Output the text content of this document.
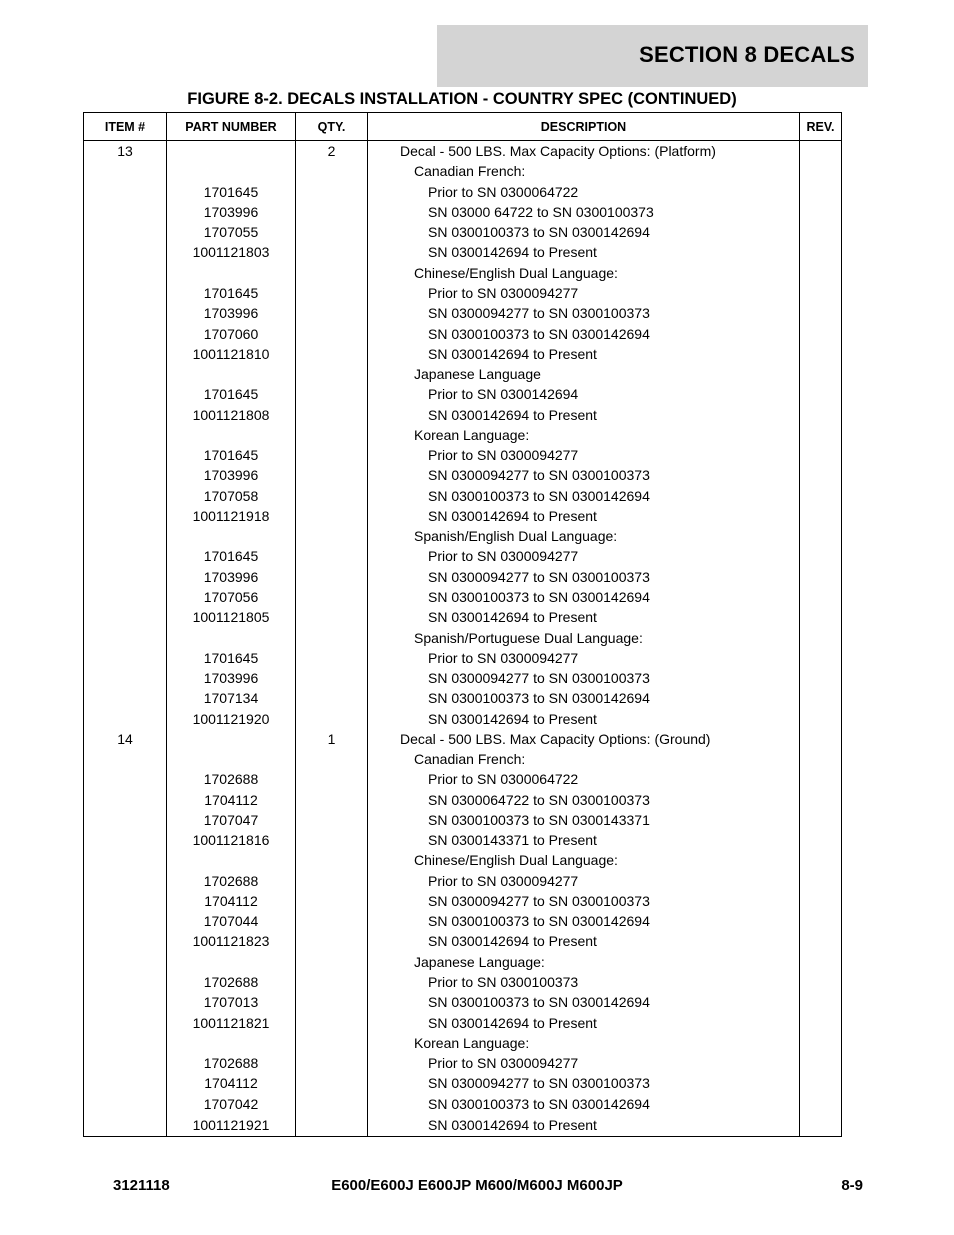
SECTION 8 DECALS
FIGURE 8-2. DECALS INSTALLATION - COUNTRY SPEC (CONTINUED)
ITEM #	PART NUMBER	QTY.	DESCRIPTION	REV.
13		2	Decal - 500 LBS. Max Capacity Options: (Platform)	
			Canadian French:	
	1701645		Prior to SN 0300064722	
	1703996		SN 03000 64722 to SN 0300100373	
	1707055		SN 0300100373 to SN 0300142694	
	1001121803		SN 0300142694 to Present	
			Chinese/English Dual Language:	
	1701645		Prior to SN 0300094277	
	1703996		SN 0300094277 to SN 0300100373	
	1707060		SN 0300100373 to SN 0300142694	
	1001121810		SN 0300142694 to Present	
			Japanese Language	
	1701645		Prior to SN 0300142694	
	1001121808		SN 0300142694 to Present	
			Korean Language:	
	1701645		Prior to SN 0300094277	
	1703996		SN 0300094277 to SN 0300100373	
	1707058		SN 0300100373 to SN 0300142694	
	1001121918		SN 0300142694 to Present	
			Spanish/English Dual Language:	
	1701645		Prior to SN 0300094277	
	1703996		SN 0300094277 to SN 0300100373	
	1707056		SN 0300100373 to SN 0300142694	
	1001121805		SN 0300142694 to Present	
			Spanish/Portuguese Dual Language:	
	1701645		Prior to SN 0300094277	
	1703996		SN 0300094277 to SN 0300100373	
	1707134		SN 0300100373 to SN 0300142694	
	1001121920		SN 0300142694 to Present	
14		1	Decal - 500 LBS. Max Capacity Options: (Ground)	
			Canadian French:	
	1702688		Prior to SN 0300064722	
	1704112		SN 0300064722 to SN 0300100373	
	1707047		SN 0300100373 to SN 0300143371	
	1001121816		SN 0300143371 to Present	
			Chinese/English Dual Language:	
	1702688		Prior to SN 0300094277	
	1704112		SN 0300094277 to SN 0300100373	
	1707044		SN 0300100373 to SN 0300142694	
	1001121823		SN 0300142694 to Present	
			Japanese Language:	
	1702688		Prior to SN 0300100373	
	1707013		SN 0300100373 to SN 0300142694	
	1001121821		SN 0300142694 to Present	
			Korean Language:	
	1702688		Prior to SN 0300094277	
	1704112		SN 0300094277 to SN 0300100373	
	1707042		SN 0300100373 to SN 0300142694	
	1001121921		SN 0300142694 to Present	
3121118	E600/E600J E600JP M600/M600J M600JP	8-9
